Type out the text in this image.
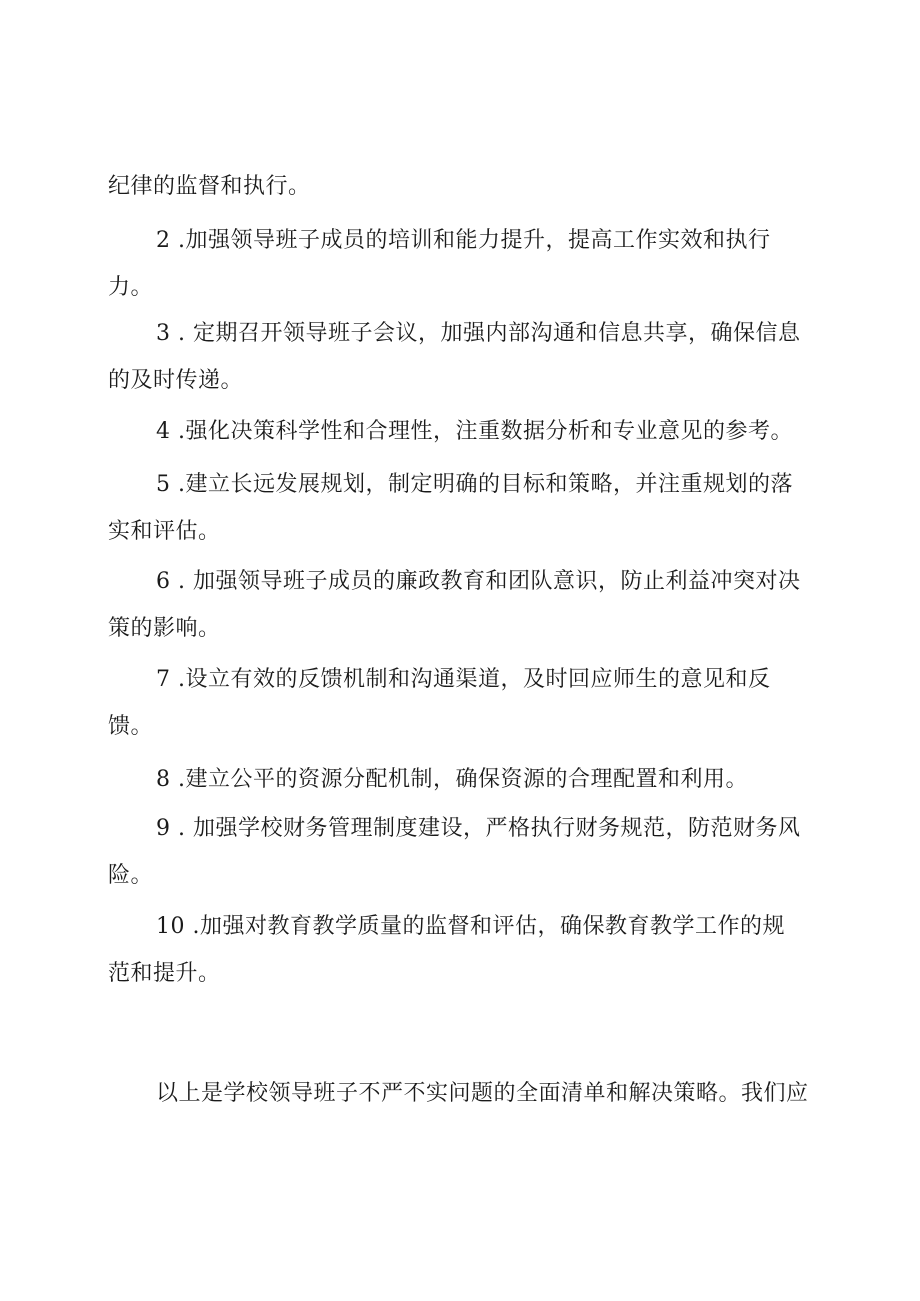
纪律的监督和执行。

2 .加强领导班子成员的培训和能力提升，提高工作实效和执行
力。

3 . 定期召开领导班子会议，加强内部沟通和信息共享，确保信息
的及时传递。

4 .强化决策科学性和合理性，注重数据分析和专业意见的参考。

5 .建立长远发展规划，制定明确的目标和策略，并注重规划的落
实和评估。

6 . 加强领导班子成员的廉政教育和团队意识，防止利益冲突对决
策的影响。

7 .设立有效的反馈机制和沟通渠道，及时回应师生的意见和反
馈。

8 .建立公平的资源分配机制，确保资源的合理配置和利用。

9 . 加强学校财务管理制度建设，严格执行财务规范，防范财务风
险。

10 .加强对教育教学质量的监督和评估，确保教育教学工作的规
范和提升。

以上是学校领导班子不严不实问题的全面清单和解决策略。我们应
